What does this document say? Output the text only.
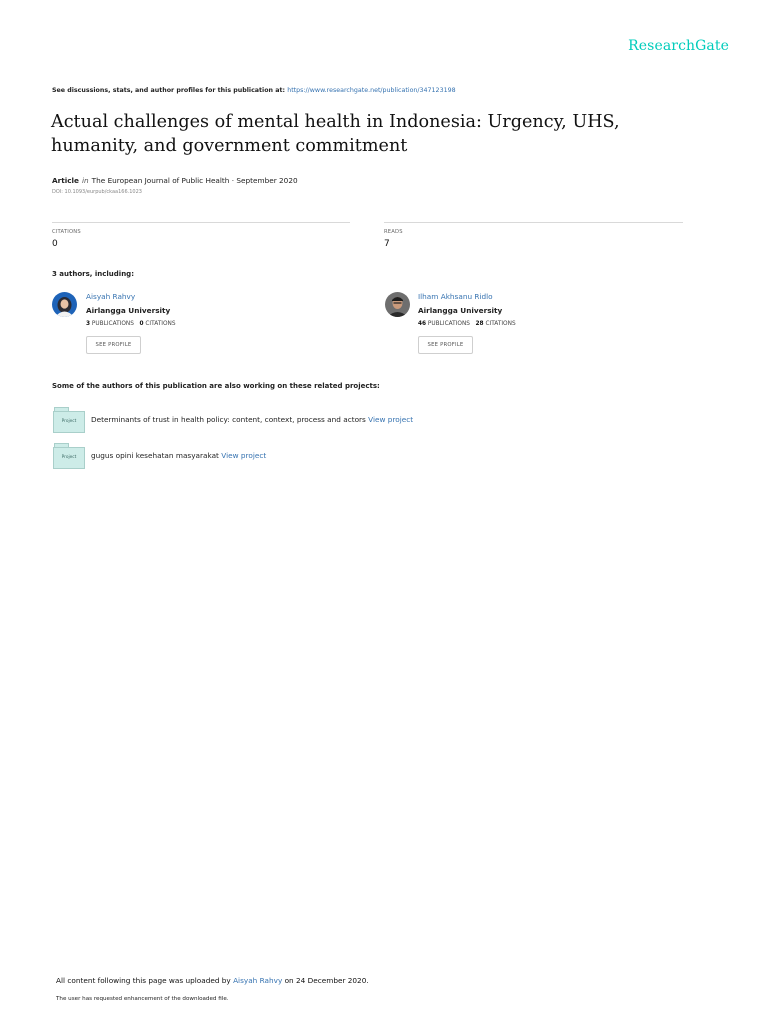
ResearchGate
See discussions, stats, and author profiles for this publication at: https://www.researchgate.net/publication/347123198
Actual challenges of mental health in Indonesia: Urgency, UHS, humanity, and government commitment
Article in The European Journal of Public Health · September 2020
DOI: 10.1093/eurpub/ckaa166.1023
CITATIONS
0
READS
7
3 authors, including:
Aisyah Rahvy
Airlangga University
3 PUBLICATIONS 0 CITATIONS
SEE PROFILE
Ilham Akhsanu Ridlo
Airlangga University
46 PUBLICATIONS 28 CITATIONS
SEE PROFILE
Some of the authors of this publication are also working on these related projects:
Project	Determinants of trust in health policy: content, context, process and actors View project
Project	gugus opini kesehatan masyarakat View project
All content following this page was uploaded by Aisyah Rahvy on 24 December 2020.
The user has requested enhancement of the downloaded file.
